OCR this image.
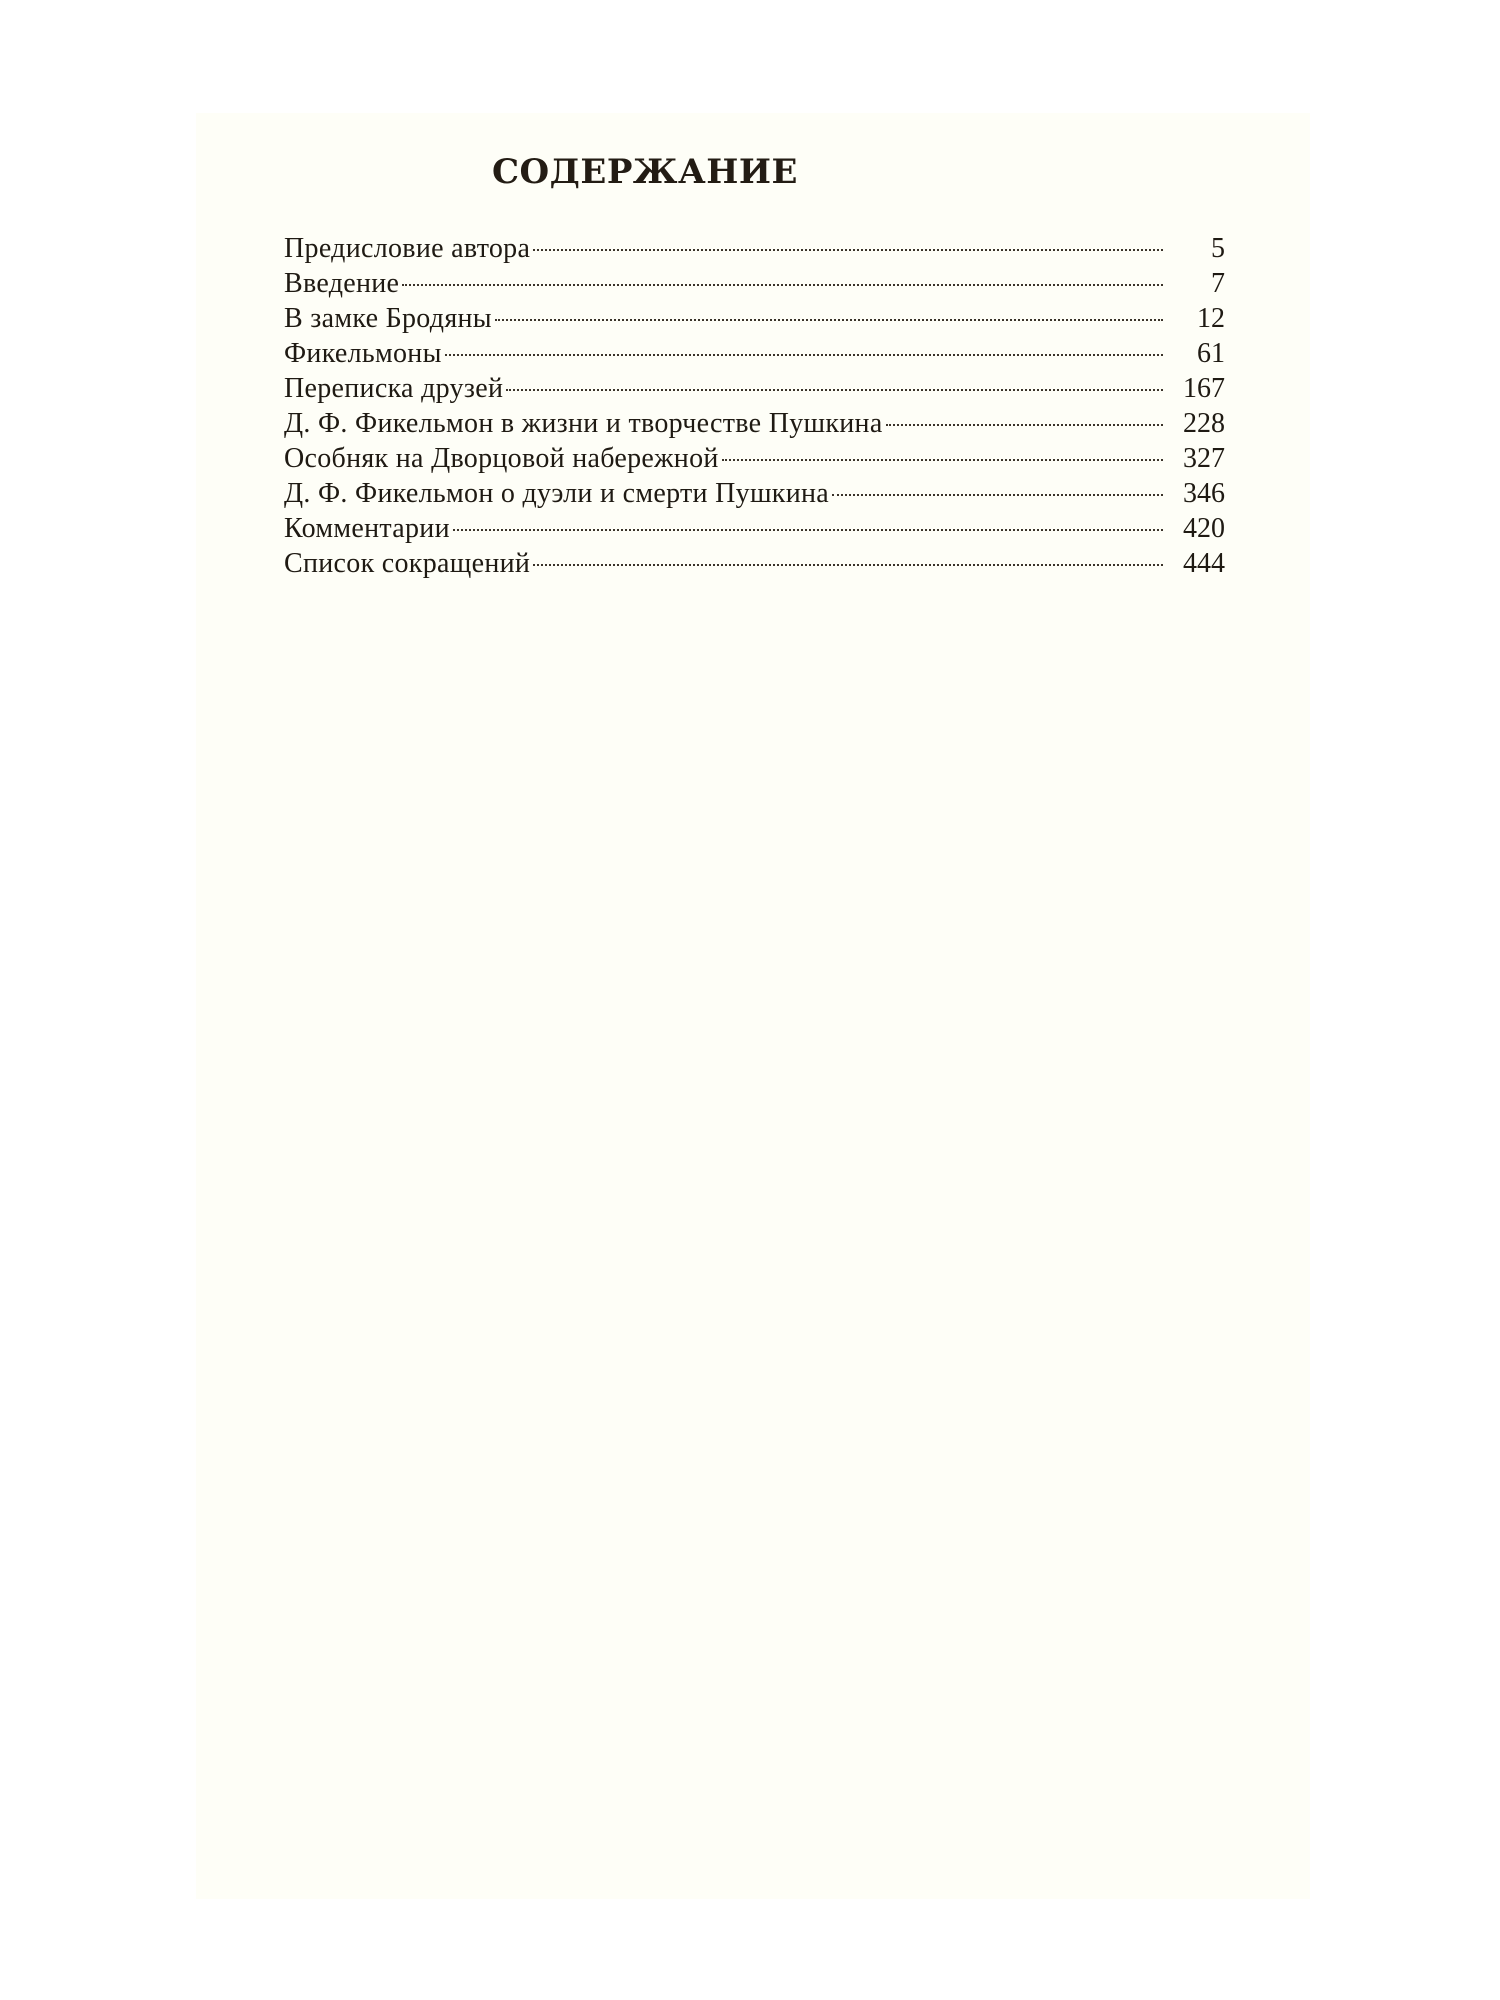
СОДЕРЖАНИЕ
Предисловие автора	5
Введение	7
В замке Бродяны	12
Фикельмоны	61
Переписка друзей	167
Д. Ф. Фикельмон в жизни и творчестве Пушкина	228
Особняк на Дворцовой набережной	327
Д. Ф. Фикельмон о дуэли и смерти Пушкина	346
Комментарии	420
Список сокращений	444
